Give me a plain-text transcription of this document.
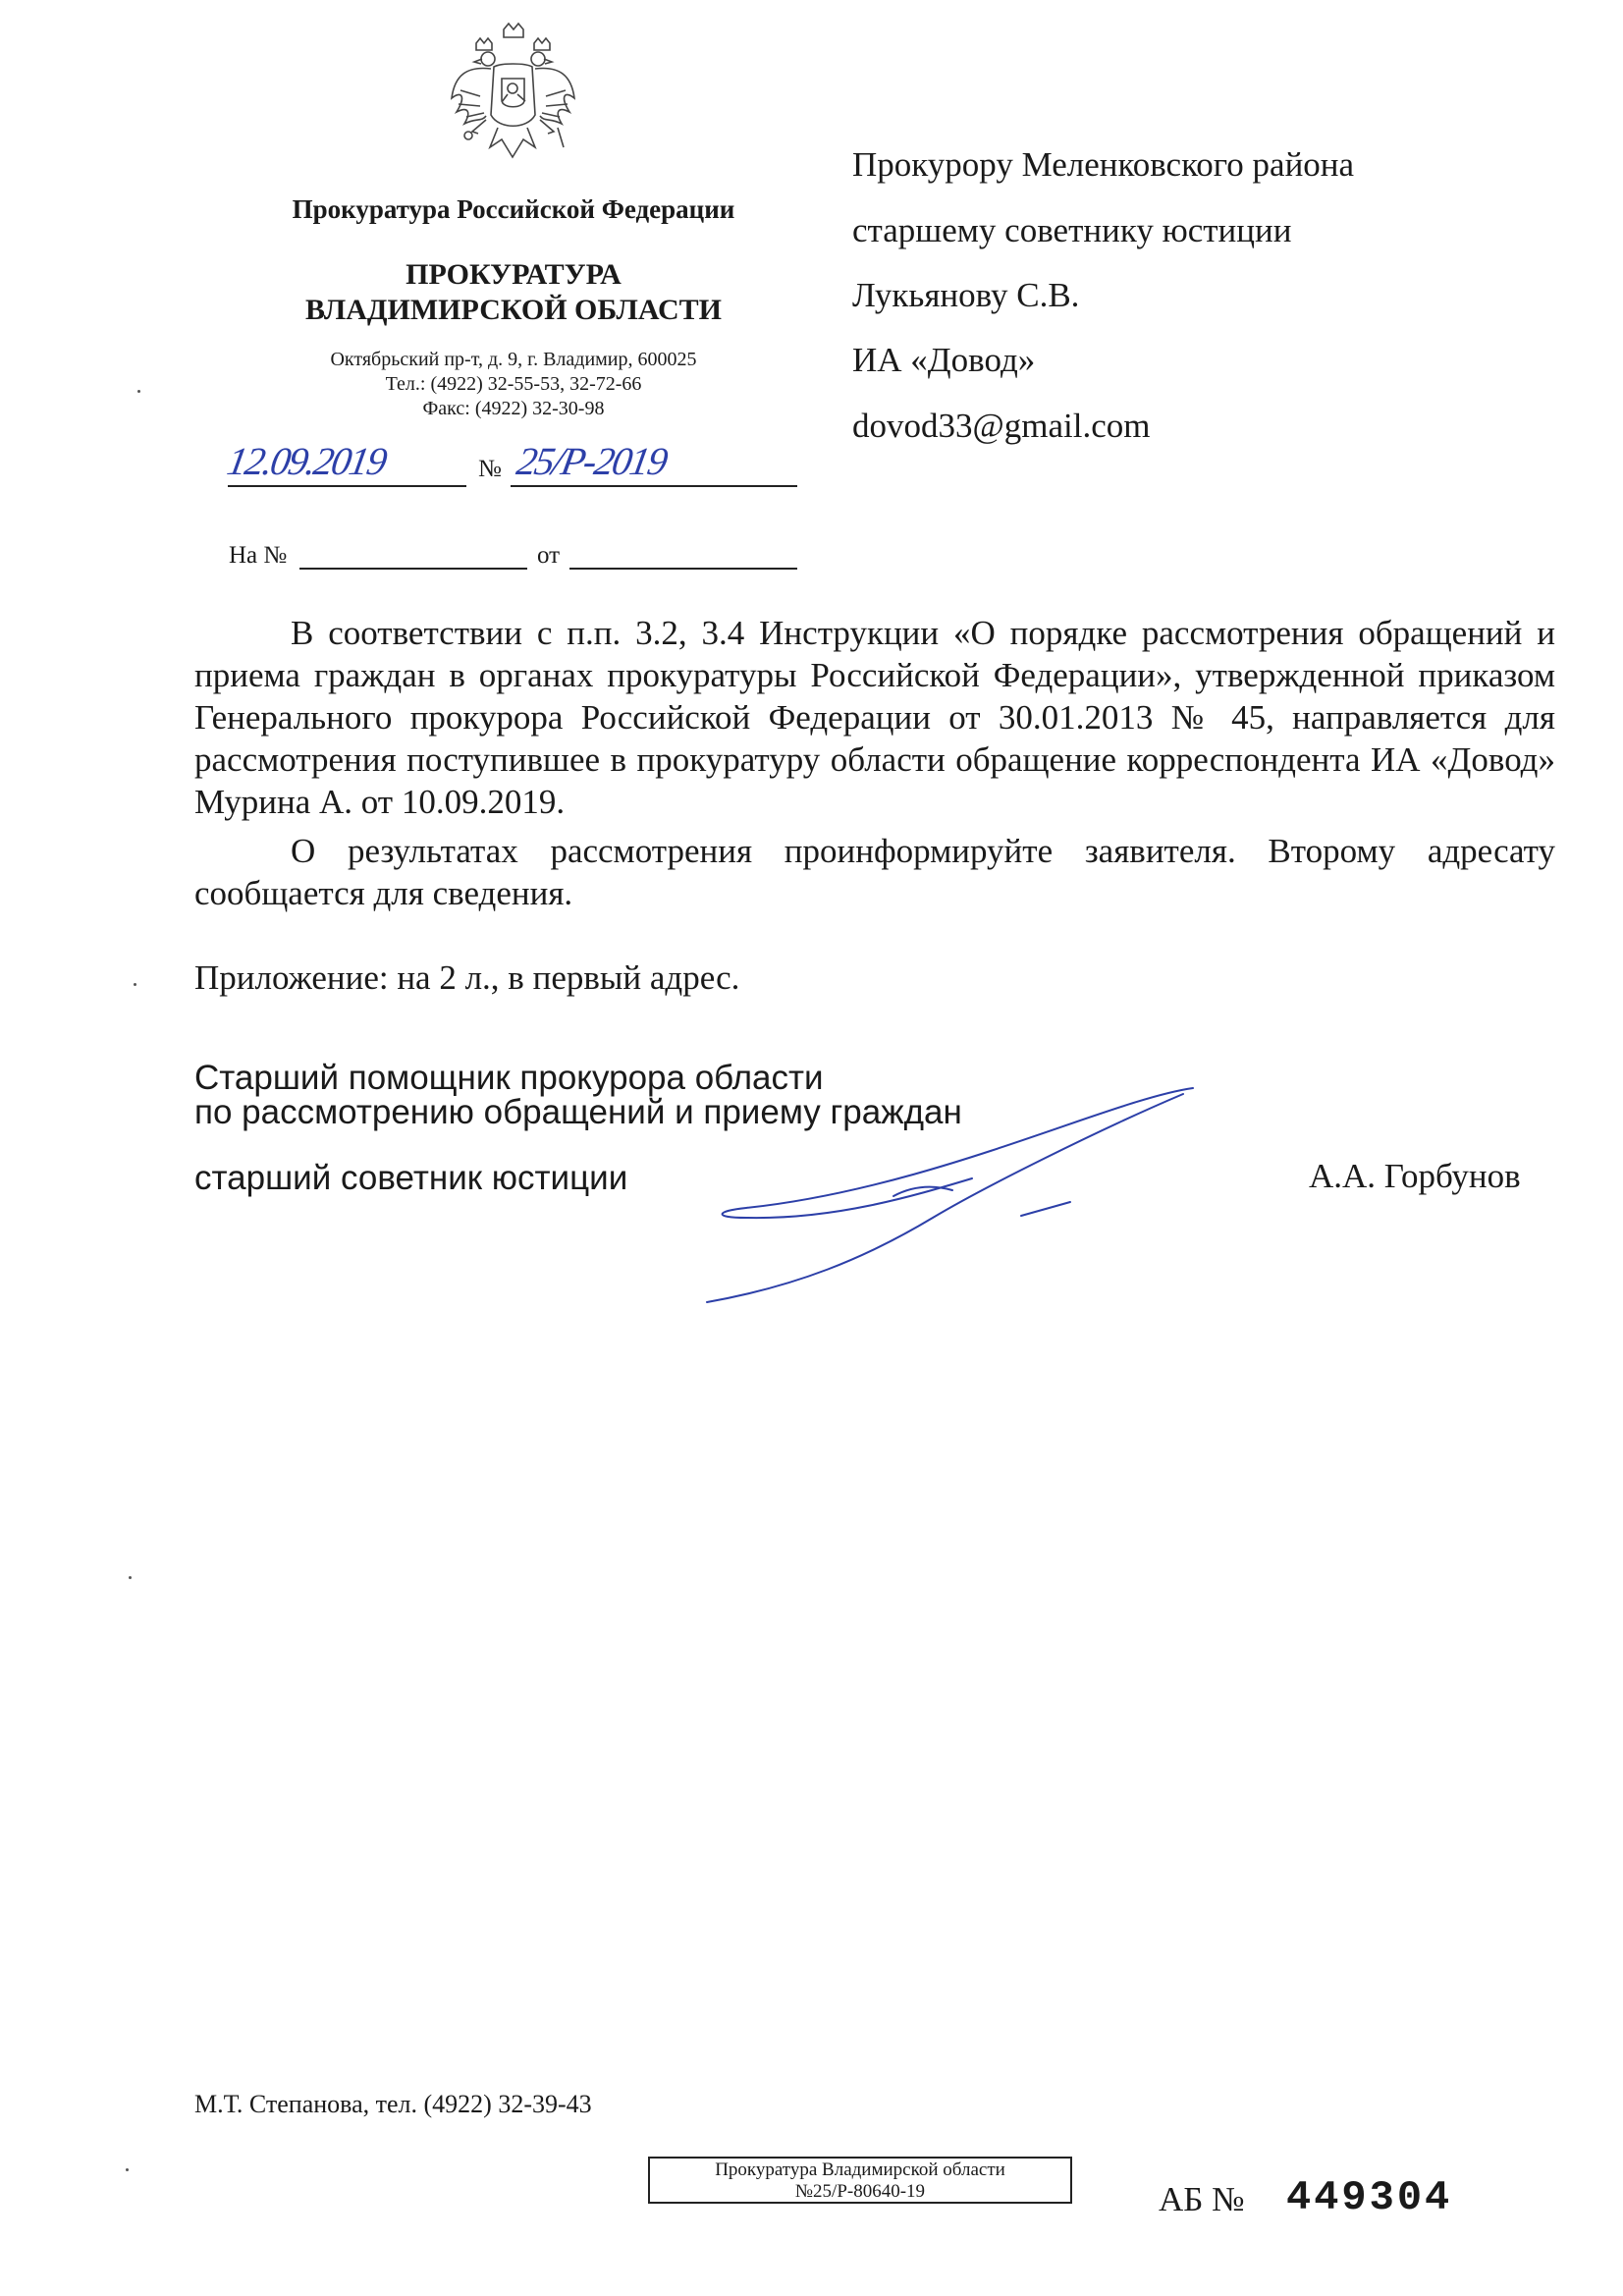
Прокуратура Российской Федерации
ПРОКУРАТУРА
ВЛАДИМИРСКОЙ ОБЛАСТИ
Октябрьский пр-т, д. 9, г. Владимир, 600025
Тел.: (4922) 32-55-53, 32-72-66
Факс: (4922) 32-30-98
12.09.2019	№ 25/Р-2019
На №	от
Прокурору Меленковского района
старшему советнику юстиции
Лукьянову С.В.
ИА «Довод»
dovod33@gmail.com
В соответствии с п.п. 3.2, 3.4 Инструкции «О порядке рассмотрения обращений и приема граждан в органах прокуратуры Российской Федерации», утвержденной приказом Генерального прокурора Российской Федерации от 30.01.2013 № 45, направляется для рассмотрения поступившее в прокуратуру области обращение корреспондента ИА «Довод» Мурина А. от 10.09.2019.
О результатах рассмотрения проинформируйте заявителя. Второму адресату сообщается для сведения.
Приложение: на 2 л., в первый адрес.
Старший помощник прокурора области
по рассмотрению обращений и приему граждан
старший советник юстиции	А.А. Горбунов
М.Т. Степанова, тел. (4922) 32-39-43
Прокуратура Владимирской области
№25/Р-80640-19	АБ № 449304
